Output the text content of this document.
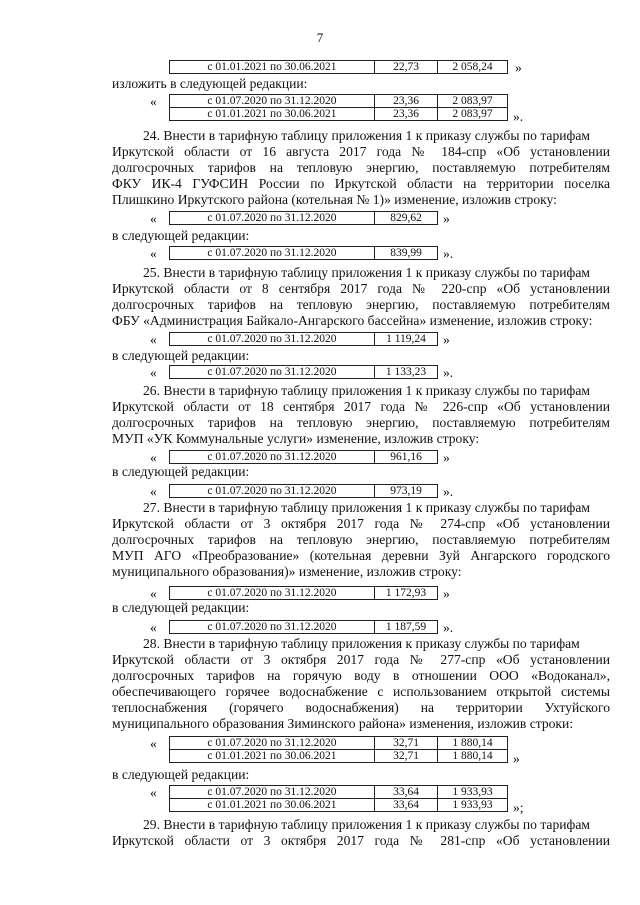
7
с 01.01.2021 по 30.06.2021	22,73	2 058,24 »
изложить в следующей редакции:
«	с 01.07.2020 по 31.12.2020	23,36	2 083,97
с 01.01.2021 по 30.06.2021	23,36	2 083,97 ».
24. Внести в тарифную таблицу приложения 1 к приказу службы по тарифам
Иркутской области от 16 августа 2017 года № 184-спр «Об установлении
долгосрочных тарифов на тепловую энергию, поставляемую потребителям
ФКУ ИК-4 ГУФСИН России по Иркутской области на территории поселка
Плишкино Иркутского района (котельная № 1)» изменение, изложив строку:
«	с 01.07.2020 по 31.12.2020	829,62 »
в следующей редакции:
«	с 01.07.2020 по 31.12.2020	839,99 ».
25. Внести в тарифную таблицу приложения 1 к приказу службы по тарифам
Иркутской области от 8 сентября 2017 года № 220-спр «Об установлении
долгосрочных тарифов на тепловую энергию, поставляемую потребителям
ФБУ «Администрация Байкало-Ангарского бассейна» изменение, изложив строку:
«	с 01.07.2020 по 31.12.2020	1 119,24 »
в следующей редакции:
«	с 01.07.2020 по 31.12.2020	1 133,23 ».
26. Внести в тарифную таблицу приложения 1 к приказу службы по тарифам
Иркутской области от 18 сентября 2017 года № 226-спр «Об установлении
долгосрочных тарифов на тепловую энергию, поставляемую потребителям
МУП «УК Коммунальные услуги» изменение, изложив строку:
«	с 01.07.2020 по 31.12.2020	961,16 »
в следующей редакции:
«	с 01.07.2020 по 31.12.2020	973,19 ».
27. Внести в тарифную таблицу приложения 1 к приказу службы по тарифам
Иркутской области от 3 октября 2017 года № 274-спр «Об установлении
долгосрочных тарифов на тепловую энергию, поставляемую потребителям
МУП АГО «Преобразование» (котельная деревни Зуй Ангарского городского
муниципального образования)» изменение, изложив строку:
«	с 01.07.2020 по 31.12.2020	1 172,93 »
в следующей редакции:
«	с 01.07.2020 по 31.12.2020	1 187,59 ».
28. Внести в тарифную таблицу приложения к приказу службы по тарифам
Иркутской области от 3 октября 2017 года № 277-спр «Об установлении
долгосрочных тарифов на горячую воду в отношении ООО «Водоканал»,
обеспечивающего горячее водоснабжение с использованием открытой системы
теплоснабжения (горячего водоснабжения) на территории Ухтуйского
муниципального образования Зиминского района» изменения, изложив строки:
«	с 01.07.2020 по 31.12.2020	32,71	1 880,14
с 01.01.2021 по 30.06.2021	32,71	1 880,14 »
в следующей редакции:
«	с 01.07.2020 по 31.12.2020	33,64	1 933,93
с 01.01.2021 по 30.06.2021	33,64	1 933,93 »;
29. Внести в тарифную таблицу приложения 1 к приказу службы по тарифам
Иркутской области от 3 октября 2017 года № 281-спр «Об установлении
